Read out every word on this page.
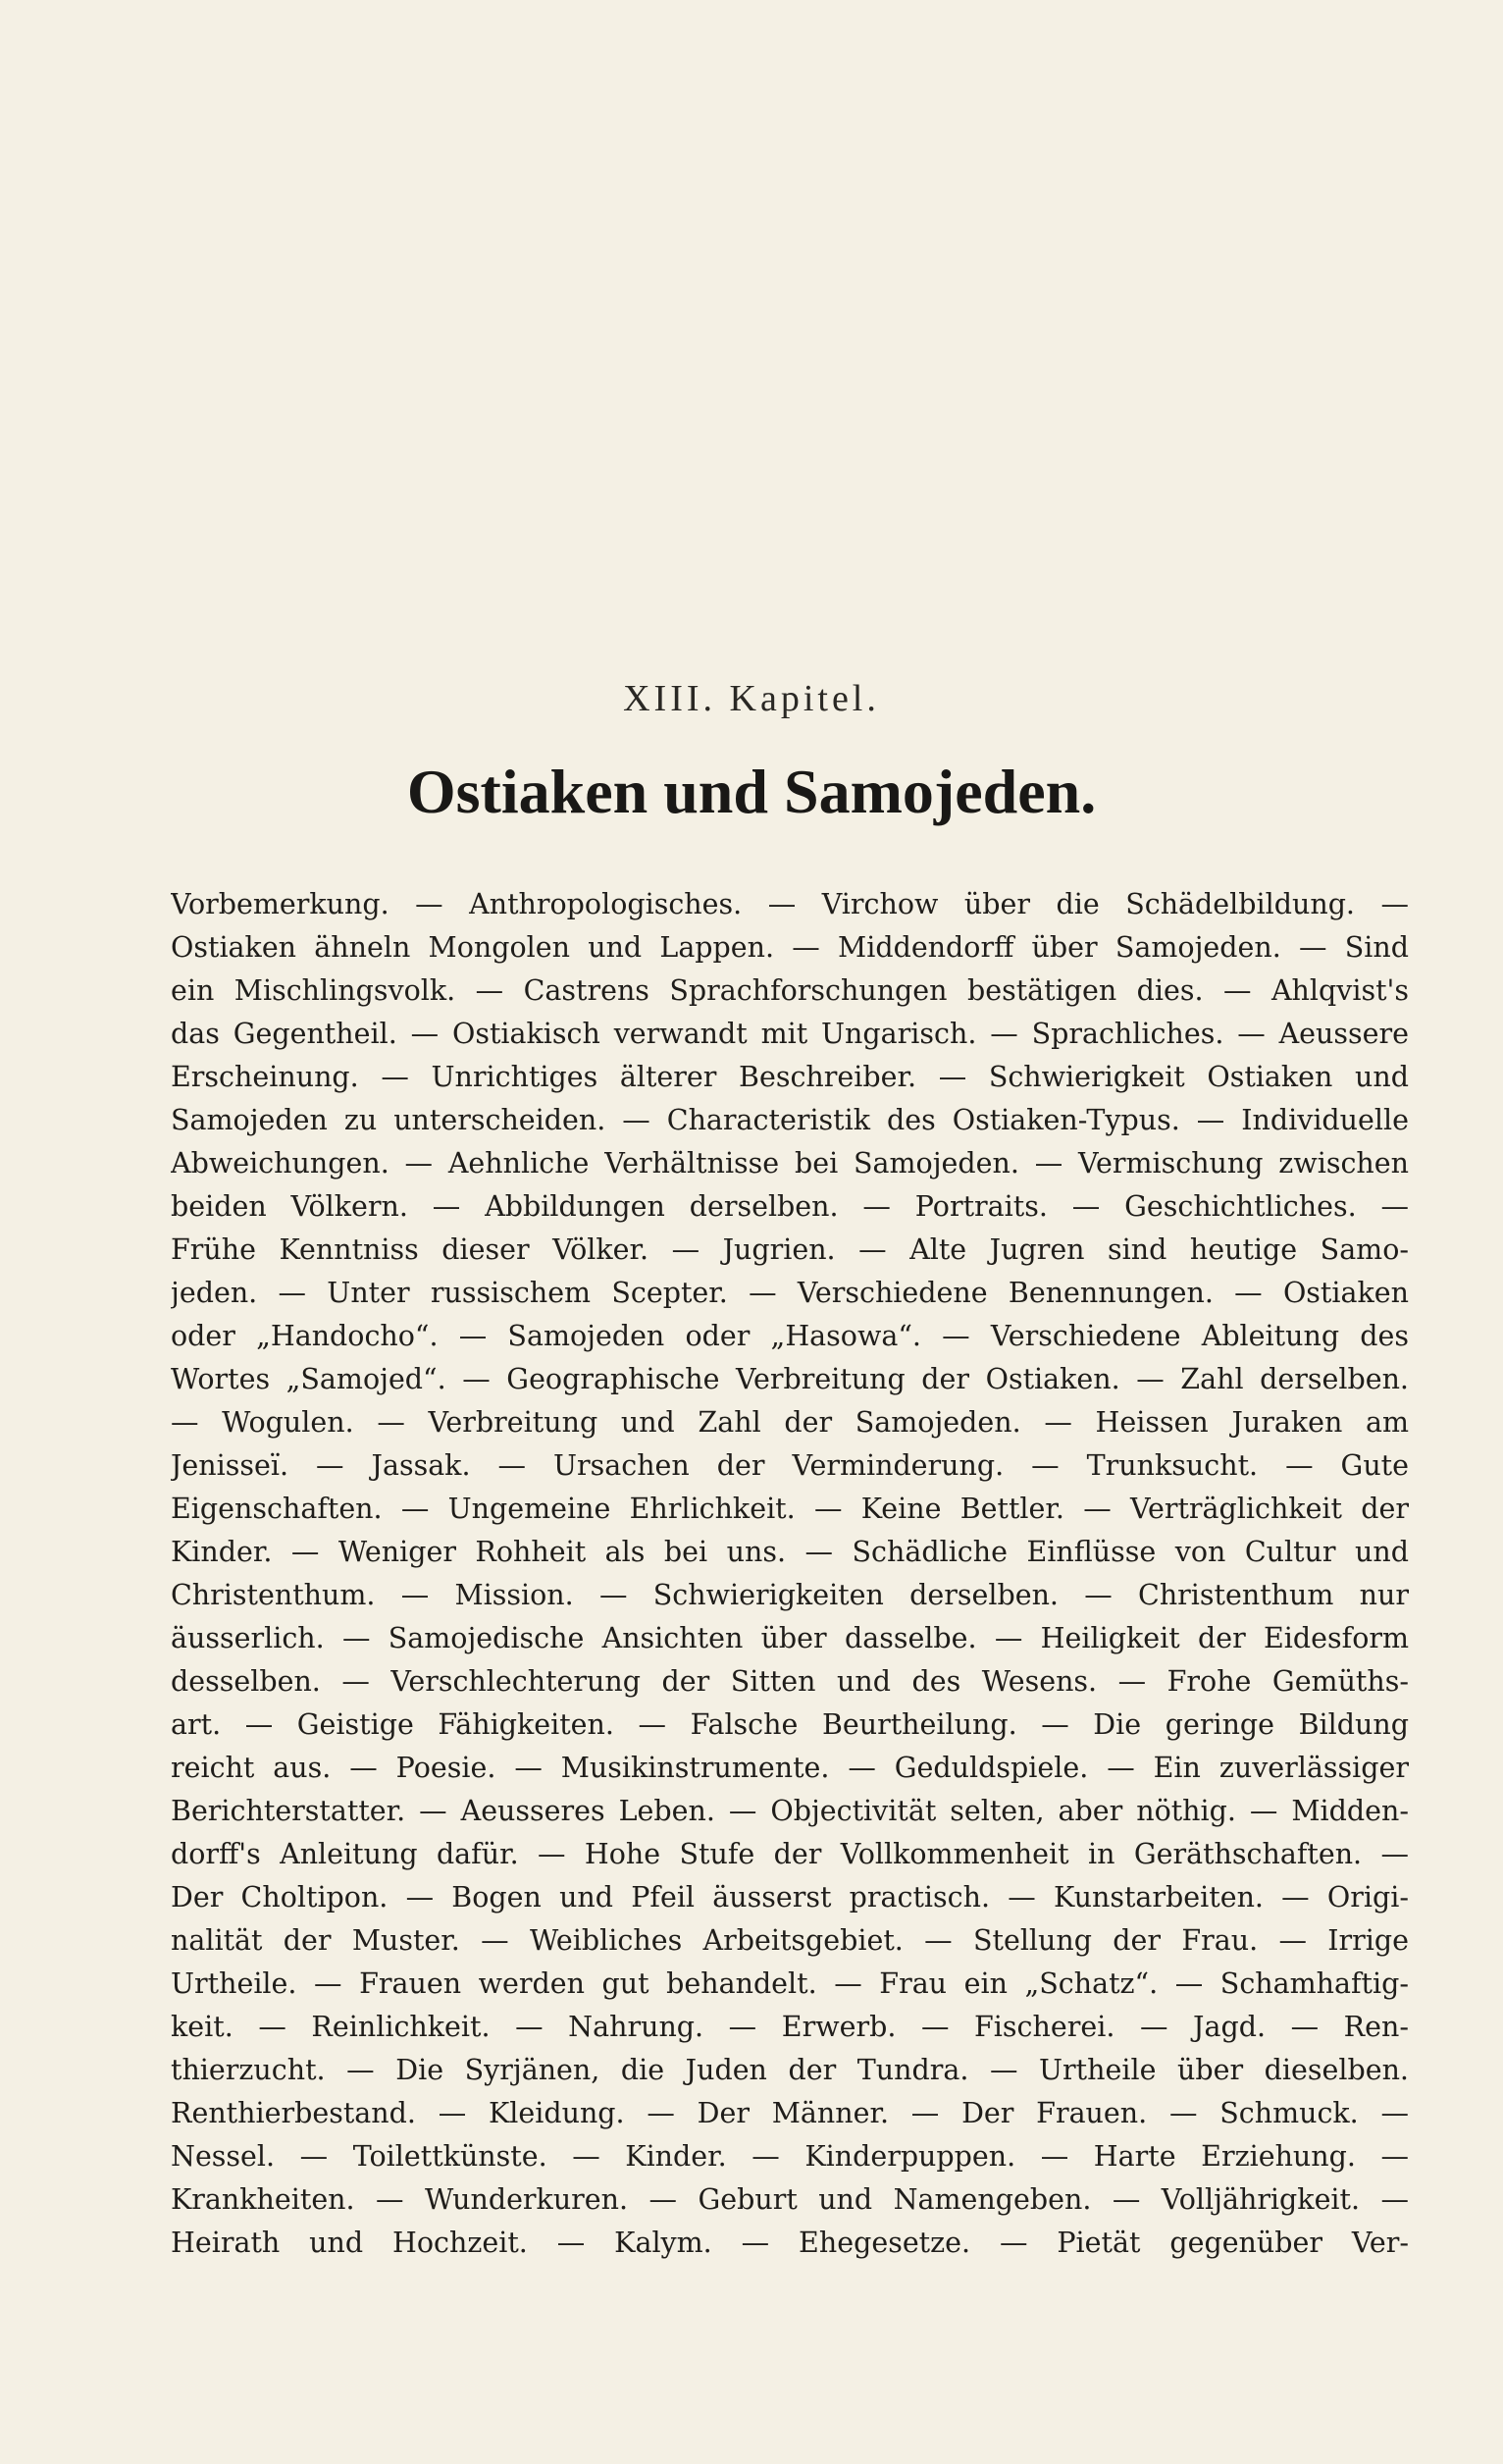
XIII. Kapitel.
Ostiaken und Samojeden.
Vorbemerkung. — Anthropologisches. — Virchow über die Schädelbildung. —
Ostiaken ähneln Mongolen und Lappen. — Middendorff über Samojeden. — Sind
ein Mischlingsvolk. — Castrens Sprachforschungen bestätigen dies. — Ahlqvist's
das Gegentheil. — Ostiakisch verwandt mit Ungarisch. — Sprachliches. — Aeussere
Erscheinung. — Unrichtiges älterer Beschreiber. — Schwierigkeit Ostiaken und
Samojeden zu unterscheiden. — Characteristik des Ostiaken-Typus. — Individuelle
Abweichungen. — Aehnliche Verhältnisse bei Samojeden. — Vermischung zwischen
beiden Völkern. — Abbildungen derselben. — Portraits. — Geschichtliches. —
Frühe Kenntniss dieser Völker. — Jugrien. — Alte Jugren sind heutige Samo-
jeden. — Unter russischem Scepter. — Verschiedene Benennungen. — Ostiaken
oder „Handocho“. — Samojeden oder „Hasowa“. — Verschiedene Ableitung des
Wortes „Samojed“. — Geographische Verbreitung der Ostiaken. — Zahl derselben.
— Wogulen. — Verbreitung und Zahl der Samojeden. — Heissen Juraken am
Jenisseï. — Jassak. — Ursachen der Verminderung. — Trunksucht. — Gute
Eigenschaften. — Ungemeine Ehrlichkeit. — Keine Bettler. — Verträglichkeit der
Kinder. — Weniger Rohheit als bei uns. — Schädliche Einflüsse von Cultur und
Christenthum. — Mission. — Schwierigkeiten derselben. — Christenthum nur
äusserlich. — Samojedische Ansichten über dasselbe. — Heiligkeit der Eidesform
desselben. — Verschlechterung der Sitten und des Wesens. — Frohe Gemüths-
art. — Geistige Fähigkeiten. — Falsche Beurtheilung. — Die geringe Bildung
reicht aus. — Poesie. — Musikinstrumente. — Geduldspiele. — Ein zuverlässiger
Berichterstatter. — Aeusseres Leben. — Objectivität selten, aber nöthig. — Midden-
dorff's Anleitung dafür. — Hohe Stufe der Vollkommenheit in Geräthschaften. —
Der Choltipon. — Bogen und Pfeil äusserst practisch. — Kunstarbeiten. — Origi-
nalität der Muster. — Weibliches Arbeitsgebiet. — Stellung der Frau. — Irrige
Urtheile. — Frauen werden gut behandelt. — Frau ein „Schatz“. — Schamhaftig-
keit. — Reinlichkeit. — Nahrung. — Erwerb. — Fischerei. — Jagd. — Ren-
thierzucht. — Die Syrjänen, die Juden der Tundra. — Urtheile über dieselben.
Renthierbestand. — Kleidung. — Der Männer. — Der Frauen. — Schmuck. —
Nessel. — Toilettkünste. — Kinder. — Kinderpuppen. — Harte Erziehung. —
Krankheiten. — Wunderkuren. — Geburt und Namengeben. — Volljährigkeit. —
Heirath und Hochzeit. — Kalym. — Ehegesetze. — Pietät gegenüber Ver-
